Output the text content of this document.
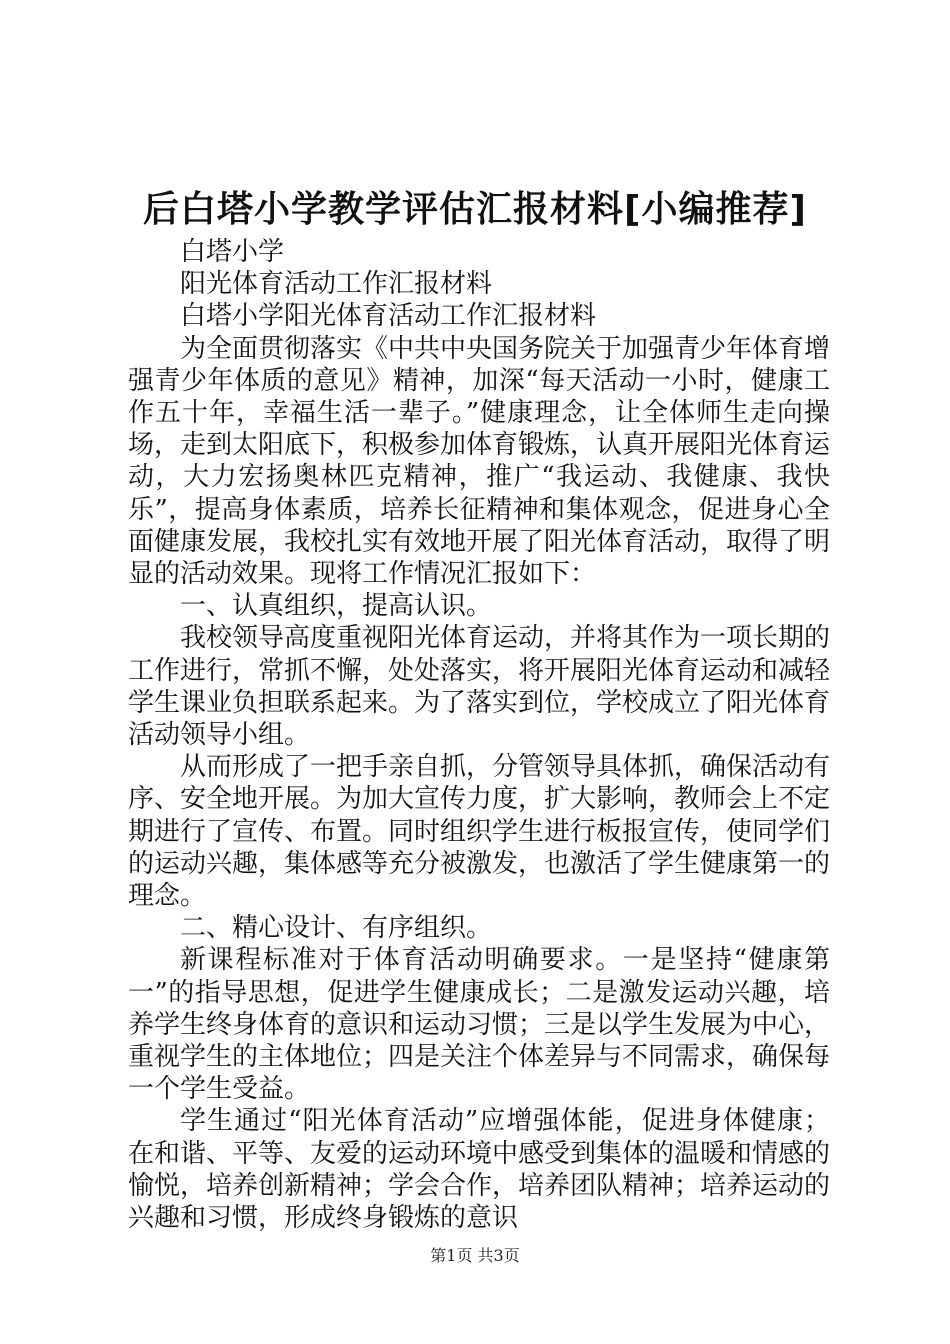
后白塔小学教学评估汇报材料[小编推荐]

白塔小学

阳光体育活动工作汇报材料

白塔小学阳光体育活动工作汇报材料

为全面贯彻落实《中共中央国务院关于加强青少年体育增强青少年体质的意见》精神，加深“每天活动一小时，健康工作五十年，幸福生活一辈子。”健康理念，让全体师生走向操场，走到太阳底下，积极参加体育锻炼，认真开展阳光体育运动，大力宏扬奥林匹克精神，推广“我运动、我健康、我快乐”，提高身体素质，培养长征精神和集体观念，促进身心全面健康发展，我校扎实有效地开展了阳光体育活动，取得了明显的活动效果。现将工作情况汇报如下：

一、认真组织，提高认识。

我校领导高度重视阳光体育运动，并将其作为一项长期的工作进行，常抓不懈，处处落实，将开展阳光体育运动和减轻学生课业负担联系起来。为了落实到位，学校成立了阳光体育活动领导小组。

从而形成了一把手亲自抓，分管领导具体抓，确保活动有序、安全地开展。为加大宣传力度，扩大影响，教师会上不定期进行了宣传、布置。同时组织学生进行板报宣传，使同学们的运动兴趣，集体感等充分被激发，也激活了学生健康第一的理念。

二、精心设计、有序组织。

新课程标准对于体育活动明确要求。一是坚持“健康第一”的指导思想，促进学生健康成长；二是激发运动兴趣，培养学生终身体育的意识和运动习惯；三是以学生发展为中心，重视学生的主体地位；四是关注个体差异与不同需求，确保每一个学生受益。

学生通过“阳光体育活动”应增强体能，促进身体健康；在和谐、平等、友爱的运动环境中感受到集体的温暖和情感的愉悦，培养创新精神；学会合作，培养团队精神；培养运动的兴趣和习惯，形成终身锻炼的意识

第1页 共3页
